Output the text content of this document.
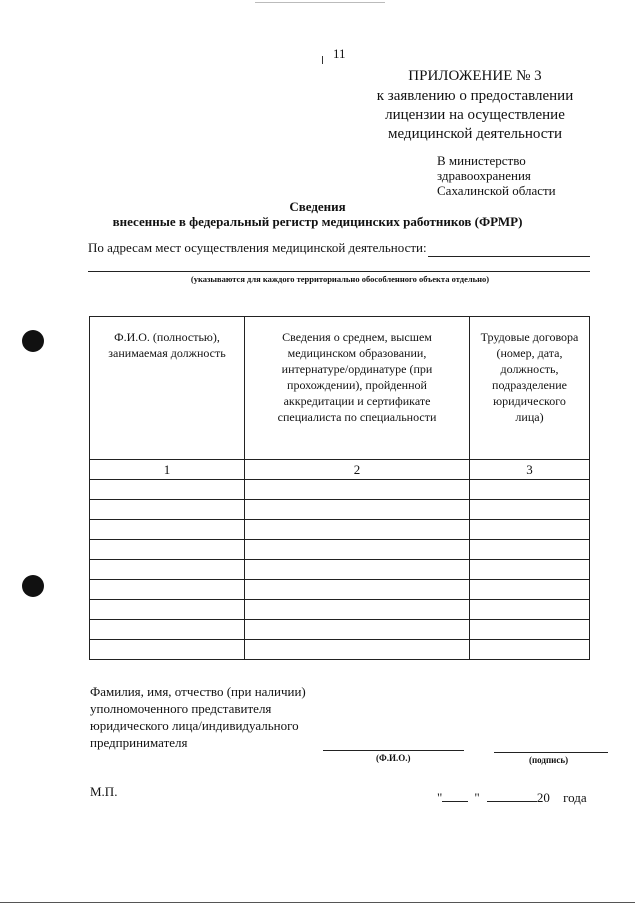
11
ПРИЛОЖЕНИЕ № 3
к заявлению о предоставлении
лицензии на осуществление
медицинской деятельности
В министерство
здравоохранения
Сахалинской области
Сведения
внесенные в федеральный регистр медицинских работников (ФРМР)
По адресам мест осуществления медицинской деятельности:
(указываются для каждого территориально обособленного объекта отдельно)
Ф.И.О. (полностью), занимаемая должность	Сведения о среднем, высшем медицинском образовании, интернатуре/ординатуре (при прохождении), пройденной аккредитации и сертификате специалиста по специальности	Трудовые договора (номер, дата, должность, подразделение юридического лица)

1	2	3

Фамилия, имя, отчество (при наличии)
уполномоченного представителя
юридического лица/индивидуального
предпринимателя
(Ф.И.О.)	(подпись)
М.П.	" "	20 года
